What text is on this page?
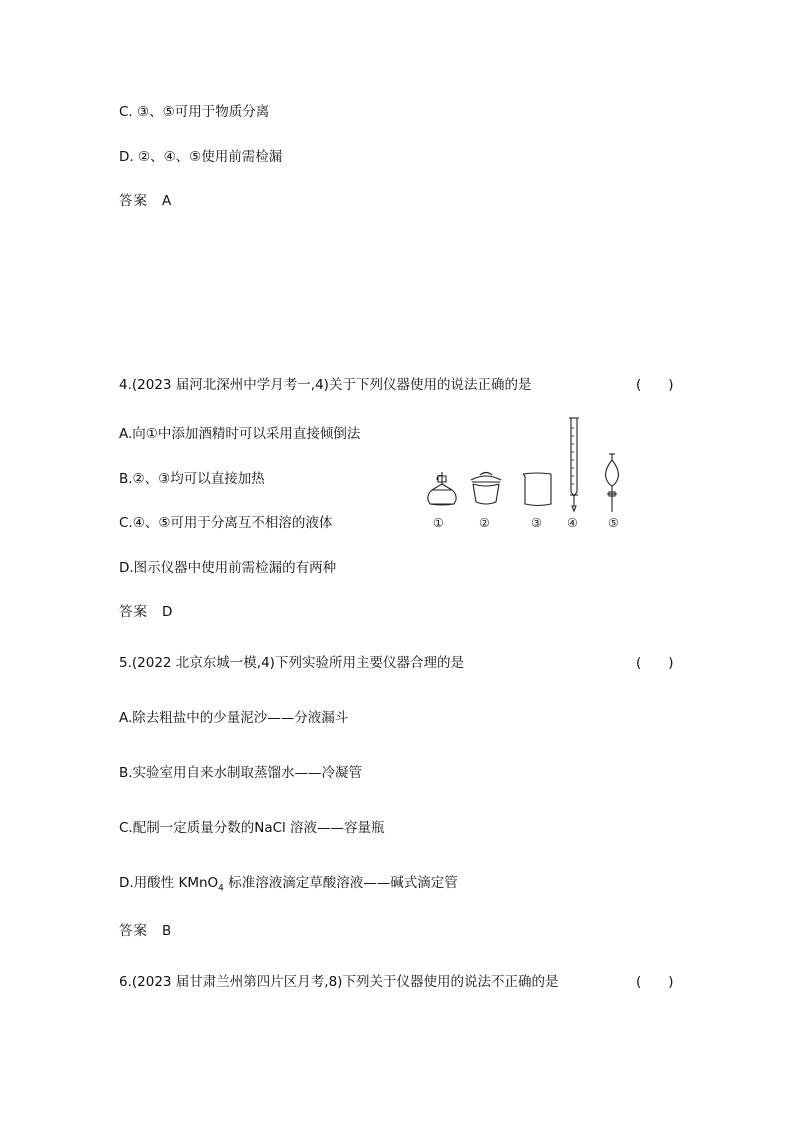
C. ③、⑤可用于物质分离
D. ②、④、⑤使用前需检漏
答案 A
4.(2023 届河北深州中学月考一,4)关于下列仪器使用的说法正确的是	(　　)
A.向①中添加酒精时可以采用直接倾倒法
B.②、③均可以直接加热
C.④、⑤可用于分离互不相溶的液体
D.图示仪器中使用前需检漏的有两种
答案 D
①	②	③ ④	⑤
5.(2022 北京东城一模,4)下列实验所用主要仪器合理的是	(　　)
A.除去粗盐中的少量泥沙——分液漏斗
B.实验室用自来水制取蒸馏水——冷凝管
C.配制一定质量分数的NaCl 溶液——容量瓶
D.用酸性 KMnO$_4$ 标准溶液滴定草酸溶液——碱式滴定管
答案 B
6.(2023 届甘肃兰州第四片区月考,8)下列关于仪器使用的说法不正确的是	(　　)
